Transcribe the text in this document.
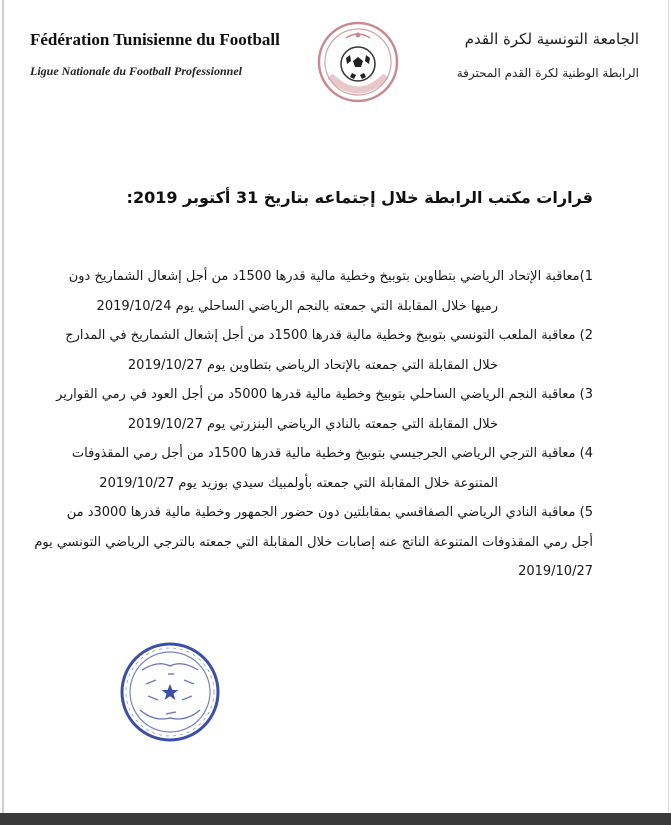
Fédération Tunisienne du Football
Ligue Nationale du Football Professionnel
الجامعة التونسية لكرة القدم
الرابطة الوطنية لكرة القدم المحترفة
قرارات مكتب الرابطة خلال إجتماعه بتاريخ 31 أكتوبر 2019:
1)معاقبة الإتحاد الرياضي بتطاوين بتوبيخ وخطية مالية قدرها 1500د من أجل إشعال الشماريخ دون
رميها خلال المقابلة التي جمعته بالنجم الرياضي الساحلي يوم 2019/10/24
2) معاقبة الملعب التونسي بتوبيخ وخطية مالية قدرها 1500د من أجل إشعال الشماريخ في المدارج
خلال المقابلة التي جمعته بالإتحاد الرياضي بتطاوين يوم 2019/10/27
3) معاقبة النجم الرياضي الساحلي بتوبيخ وخطية مالية قدرها 5000د من أجل العود في رمي القوارير
خلال المقابلة التي جمعته بالنادي الرياضي البنزرتي يوم 2019/10/27
4) معاقبة الترجي الرياضي الجرجيسي بتوبيخ وخطية مالية قدرها 1500د من أجل رمي المقذوفات
المتنوعة خلال المقابلة التي جمعته بأولمبيك سيدي بوزيد يوم 2019/10/27
5) معاقبة النادي الرياضي الصفاقسي بمقابلتين دون حضور الجمهور وخطية مالية قدرها 3000د من
أجل رمي المقذوفات المتنوعة الناتج عنه إصابات خلال المقابلة التي جمعته بالترجي الرياضي التونسي يوم
2019/10/27
